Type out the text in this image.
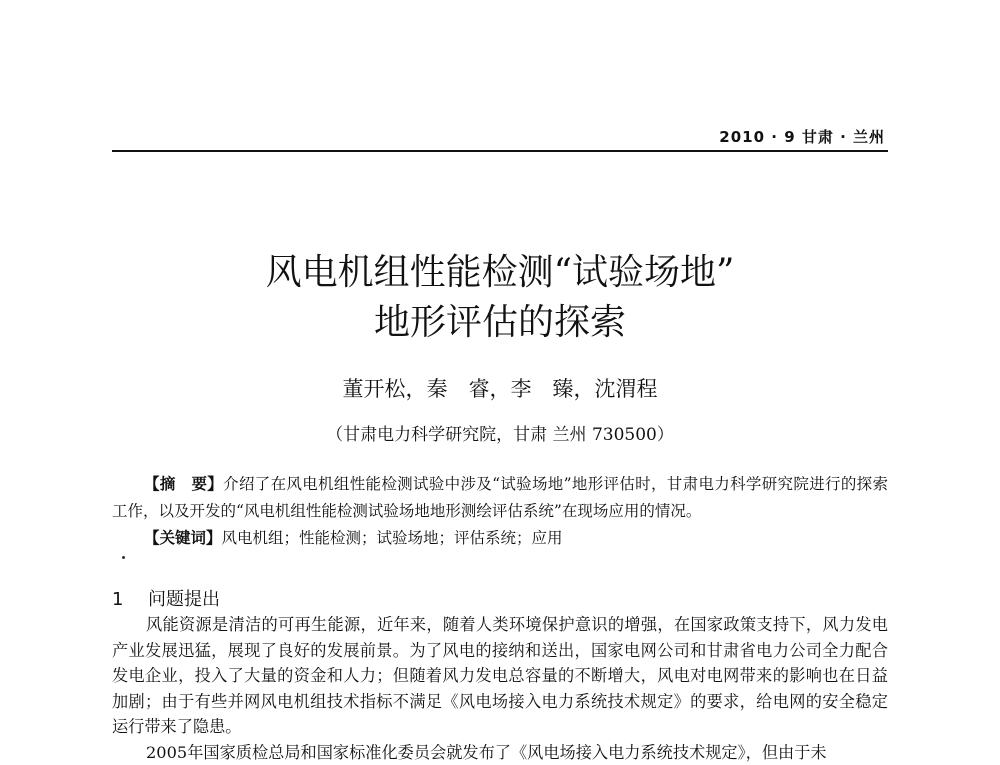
2010 · 9 甘肃 · 兰州
风电机组性能检测“试验场地”
地形评估的探索
董开松，秦　睿，李　臻，沈渭程
（甘肃电力科学研究院，甘肃 兰州 730500）
【摘　要】介绍了在风电机组性能检测试验中涉及“试验场地”地形评估时，甘肃电力科学研究院进行的探索工作，以及开发的“风电机组性能检测试验场地地形测绘评估系统”在现场应用的情况。
【关键词】风电机组；性能检测；试验场地；评估系统；应用
1 问题提出

风能资源是清洁的可再生能源，近年来，随着人类环境保护意识的增强，在国家政策支持下，风力发电产业发展迅猛，展现了良好的发展前景。为了风电的接纳和送出，国家电网公司和甘肃省电力公司全力配合发电企业，投入了大量的资金和人力；但随着风力发电总容量的不断增大，风电对电网带来的影响也在日益加剧；由于有些并网风电机组技术指标不满足《风电场接入电力系统技术规定》的要求，给电网的安全稳定运行带来了隐患。

2005年国家质检总局和国家标准化委员会就发布了《风电场接入电力系统技术规定》，但由于未
